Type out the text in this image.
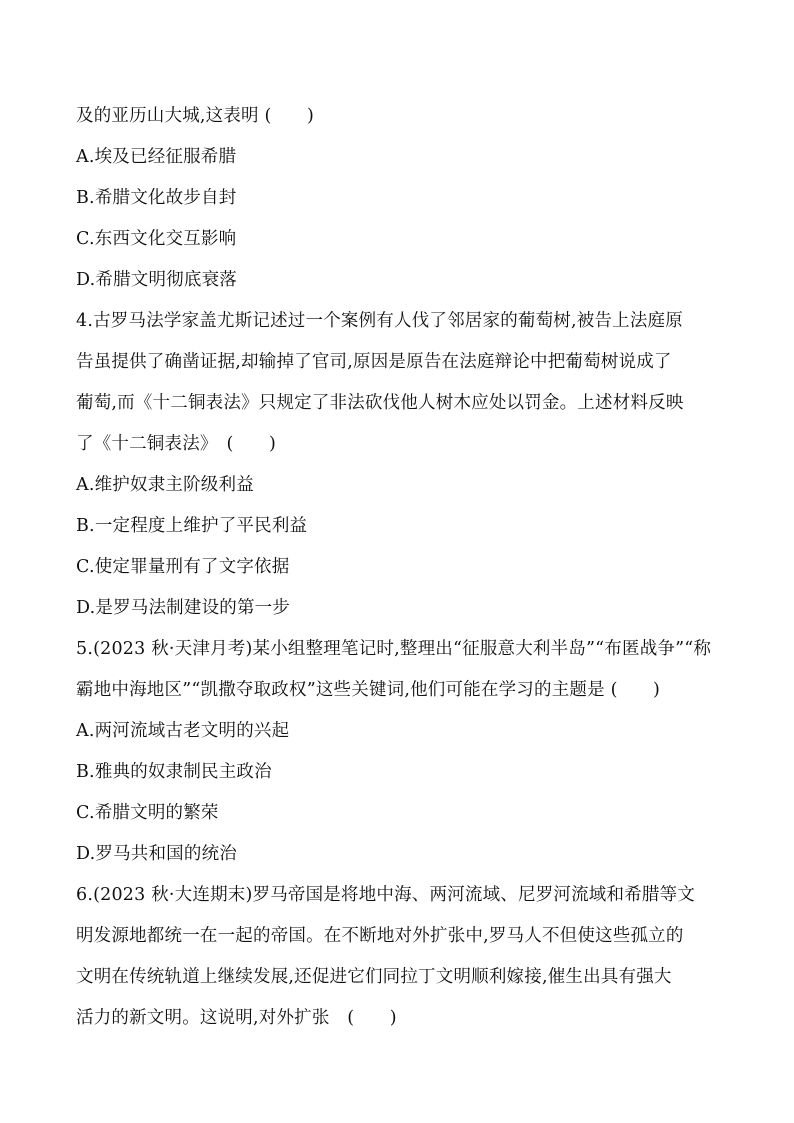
及的亚历山大城,这表明 (　　)
A.埃及已经征服希腊
B.希腊文化故步自封
C.东西文化交互影响
D.希腊文明彻底衰落
4.古罗马法学家盖尤斯记述过一个案例有人伐了邻居家的葡萄树,被告上法庭原
告虽提供了确凿证据,却输掉了官司,原因是原告在法庭辩论中把葡萄树说成了
葡萄,而《十二铜表法》只规定了非法砍伐他人树木应处以罚金。上述材料反映
了《十二铜表法》　(　　)
A.维护奴隶主阶级利益
B.一定程度上维护了平民利益
C.使定罪量刑有了文字依据
D.是罗马法制建设的第一步
5.(2023 秋·天津月考)某小组整理笔记时,整理出“征服意大利半岛”“布匿战争”“称
霸地中海地区”“凯撒夺取政权”这些关键词,他们可能在学习的主题是 (　　)
A.两河流域古老文明的兴起
B.雅典的奴隶制民主政治
C.希腊文明的繁荣
D.罗马共和国的统治
6.(2023 秋·大连期末)罗马帝国是将地中海、两河流域、尼罗河流域和希腊等文
明发源地都统一在一起的帝国。在不断地对外扩张中,罗马人不但使这些孤立的
文明在传统轨道上继续发展,还促进它们同拉丁文明顺利嫁接,催生出具有强大
活力的新文明。这说明,对外扩张　(　　)
